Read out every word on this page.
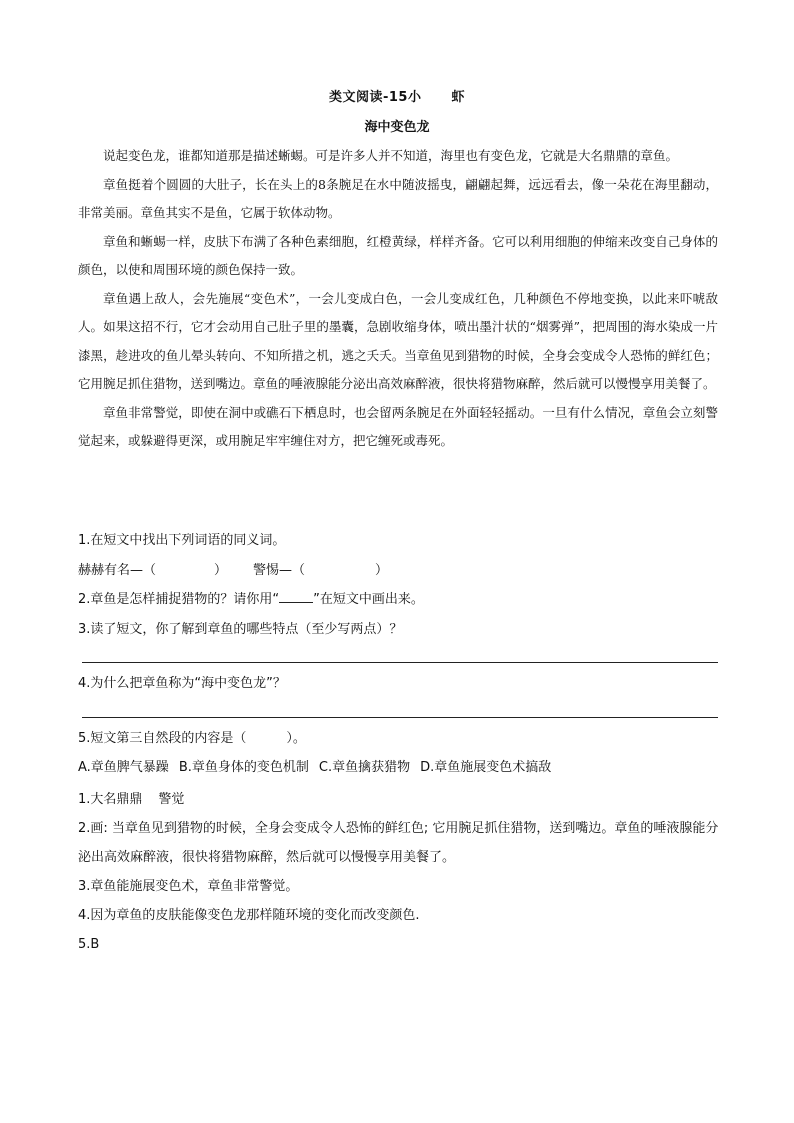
类文阅读-15小 虾
海中变色龙

说起变色龙，谁都知道那是描述蜥蜴。可是许多人并不知道，海里也有变色龙，它就是大名鼎鼎的章鱼。

章鱼挺着个圆圆的大肚子，长在头上的8条腕足在水中随波摇曳，翩翩起舞，远远看去，像一朵花在海里翻动，非常美丽。章鱼其实不是鱼，它属于软体动物。

章鱼和蜥蜴一样，皮肤下布满了各种色素细胞，红橙黄绿，样样齐备。它可以利用细胞的伸缩来改变自己身体的颜色，以使和周围环境的颜色保持一致。

章鱼遇上敌人，会先施展“变色术”，一会儿变成白色，一会儿变成红色，几种颜色不停地变换，以此来吓唬敌人。如果这招不行，它才会动用自己肚子里的墨囊，急剧收缩身体，喷出墨汁状的“烟雾弹”，把周围的海水染成一片漆黑，趁进攻的鱼儿晕头转向、不知所措之机，逃之夭夭。当章鱼见到猎物的时候，全身会变成令人恐怖的鲜红色；它用腕足抓住猎物，送到嘴边。章鱼的唾液腺能分泌出高效麻醉液，很快将猎物麻醉，然后就可以慢慢享用美餐了。

章鱼非常警觉，即使在洞中或礁石下栖息时，也会留两条腕足在外面轻轻摇动。一旦有什么情况，章鱼会立刻警觉起来，或躲避得更深，或用腕足牢牢缠住对方，把它缠死或毒死。

1.在短文中找出下列词语的同义词。
赫赫有名—（	） 警惕—（	）
2.章鱼是怎样捕捉猎物的？请你用“	”在短文中画出来。
3.读了短文，你了解到章鱼的哪些特点（至少写两点）？
4.为什么把章鱼称为“海中变色龙”？
5.短文第三自然段的内容是（	）。
A.章鱼脾气暴躁 B.章鱼身体的变色机制 C.章鱼擒获猎物 D.章鱼施展变色术搞敌
1.大名鼎鼎 警觉
2.画: 当章鱼见到猎物的时候，全身会变成令人恐怖的鲜红色; 它用腕足抓住猎物，送到嘴边。章鱼的唾液腺能分泌出高效麻醉液，很快将猎物麻醉，然后就可以慢慢享用美餐了。
3.章鱼能施展变色术，章鱼非常警觉。
4.因为章鱼的皮肤能像变色龙那样随环境的变化而改变颜色.
5.B
